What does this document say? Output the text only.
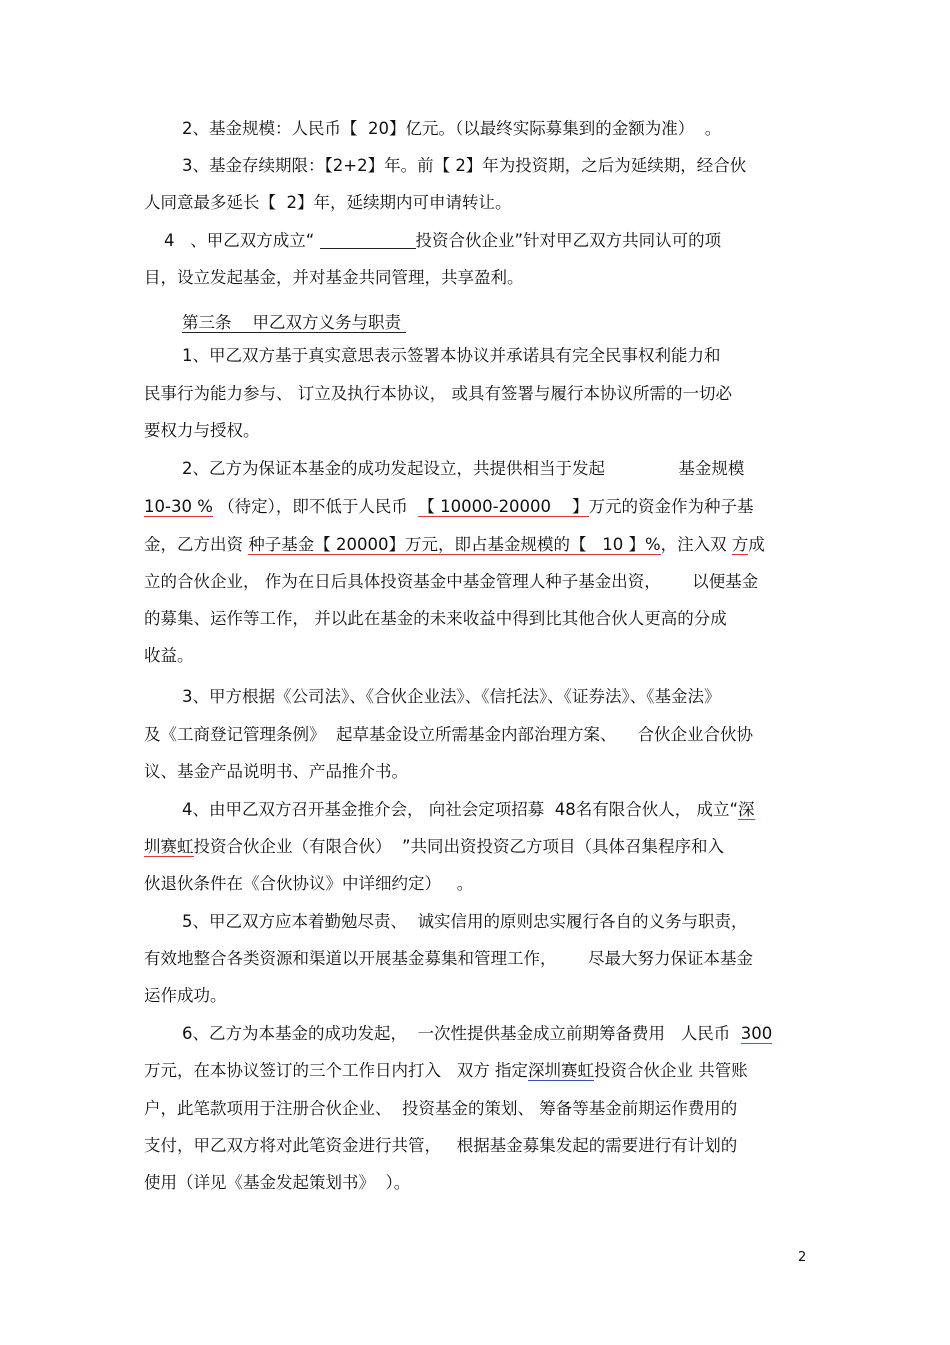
2、基金规模：人民币【  20】亿元。（以最终实际募集到的金额为准）  。
3、基金存续期限：【2+2】年。前【 2】年为投资期，之后为延续期，经合伙
人同意最多延长【  2】年，延续期内可申请转让。
4   、甲乙双方成立“	投资合伙企业”针对甲乙双方共同认可的项
目，设立发起基金，并对基金共同管理，共享盈利。
第三条    甲乙双方义务与职责
1、甲乙双方基于真实意思表示签署本协议并承诺具有完全民事权利能力和
民事行为能力参与、 订立及执行本协议， 或具有签署与履行本协议所需的一切必
要权力与授权。
2、乙方为保证本基金的成功发起设立，共提供相当于发起              基金规模
10-30 % （待定），即不低于人民币  【 10000-20000    】万元的资金作为种子基
金，乙方出资 种子基金【 20000】万元，即占基金规模的【   10 】%，注入双 方成
立的合伙企业， 作为在日后具体投资基金中基金管理人种子基金出资，      以便基金
的募集、运作等工作， 并以此在基金的未来收益中得到比其他合伙人更高的分成
收益。
3、甲方根据《公司法》、《合伙企业法》、《信托法》、《证券法》、《基金法》
及《工商登记管理条例》  起草基金设立所需基金内部治理方案、    合伙企业合伙协
议、基金产品说明书、产品推介书。
4、由甲乙双方召开基金推介会， 向社会定项招募  48名有限合伙人， 成立“深
圳赛虹投资合伙企业（有限合伙）  ”共同出资投资乙方项目（具体召集程序和入
伙退伙条件在《合伙协议》中详细约定）   。
5、甲乙双方应本着勤勉尽责、  诚实信用的原则忠实履行各自的义务与职责，
有效地整合各类资源和渠道以开展基金募集和管理工作，      尽最大努力保证本基金
运作成功。
6、乙方为本基金的成功发起，  一次性提供基金成立前期筹备费用   人民币  300
万元，在本协议签订的三个工作日内打入   双方 指定深圳赛虹投资合伙企业 共管账
户，此笔款项用于注册合伙企业、  投资基金的策划、 筹备等基金前期运作费用的
支付，甲乙双方将对此笔资金进行共管，   根据基金募集发起的需要进行有计划的
使用（详见《基金发起策划书》  ）。
2
